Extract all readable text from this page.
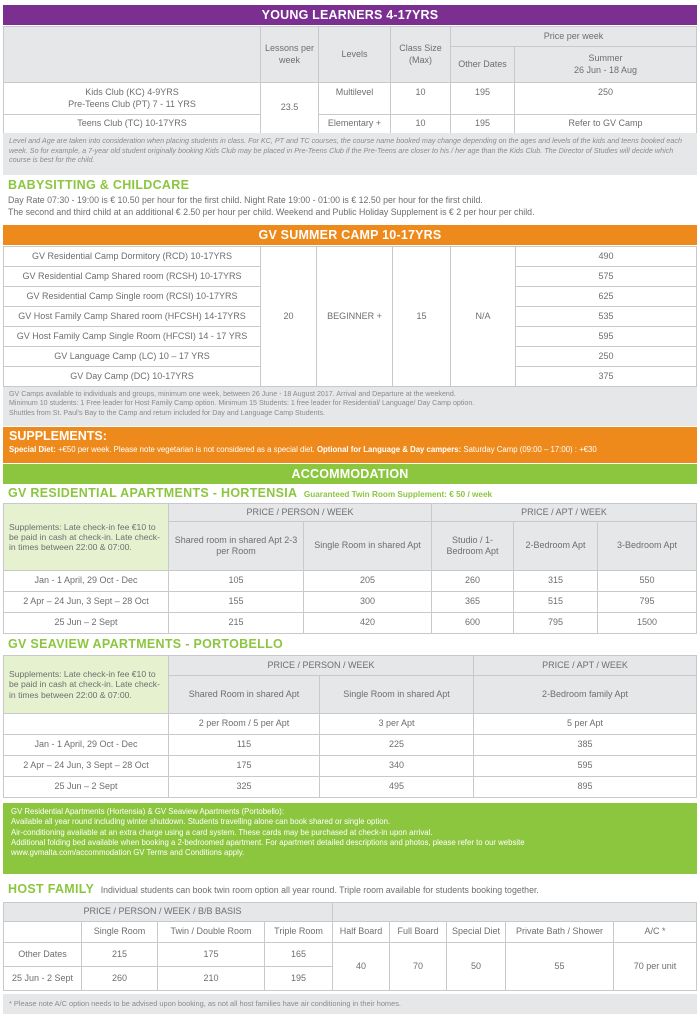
YOUNG LEARNERS 4-17YRS
	Lessons per week	Levels	Class Size (Max)	Price per week	
				Other Dates	Summer
26 Jun - 18 Aug

Kids Club (KC) 4-9YRS
Pre-Teens Club (PT) 7 - 11 YRS	23.5	Multilevel	10	195	250
Teens Club (TC) 10-17YRS		Elementary +	10	195	Refer to GV Camp
Level and Age are taken into consideration when placing students in class. For KC, PT and TC courses, the course name booked may change depending on the ages and levels of the kids and teens booked each week. So for example, a 7-year old student originally booking Kids Club may be placed in Pre-Teens Club if the Pre-Teens are closer to his / her age than the Kids Club. The Director of Studies will decide which course is best for the child.
BABYSITTING & CHILDCARE
Day Rate 07:30 - 19:00 is € 10.50 per hour for the first child. Night Rate 19:00 - 01:00 is € 12.50 per hour for the first child.
The second and third child at an additional € 2.50 per hour per child. Weekend and Public Holiday Supplement is € 2 per hour per child.
GV SUMMER CAMP 10-17YRS
GV Residential Camp Dormitory (RCD) 10-17YRS	20	BEGINNER +	15	N/A	490
GV Residential Camp Shared room (RCSH) 10-17YRS					575
GV Residential Camp Single room (RCSI) 10-17YRS					625
GV Host Family Camp Shared room (HFCSH) 14-17YRS					535
GV Host Family Camp Single Room (HFCSI) 14 - 17 YRS					595
GV Language Camp (LC) 10 – 17 YRS					250
GV Day Camp (DC) 10-17YRS					375
GV Camps available to individuals and groups, minimum one week, between 26 June - 18 August 2017. Arrival and Departure at the weekend.
Minimum 10 students: 1 Free leader for Host Family Camp option. Minimum 15 Students: 1 free leader for Residential/ Language/ Day Camp option.
Shuttles from St. Paul's Bay to the Camp and return included for Day and Language Camp Students.
SUPPLEMENTS:
Special Diet: +€50 per week. Please note vegetarian is not considered as a special diet. Optional for Language & Day campers: Saturday Camp (09:00 – 17:00) : +€30
ACCOMMODATION
GV RESIDENTIAL APARTMENTS - HORTENSIA Guaranteed Twin Room Supplement: € 50 / week
Supplements: Late check-in fee €10 to be paid in cash at check-in. Late check-in times between 22:00 & 07:00.	PRICE / PERSON / WEEK		PRICE / APT / WEEK		
	Shared room in shared Apt 2-3 per Room	Single Room in shared Apt	Studio / 1-Bedroom Apt	2-Bedroom Apt	3-Bedroom Apt
Jan - 1 April, 29 Oct - Dec	105	205	260	315	550
2 Apr – 24 Jun, 3 Sept – 28 Oct	155	300	365	515	795
25 Jun – 2 Sept	215	420	600	795	1500
GV SEAVIEW APARTMENTS - PORTOBELLO
Supplements: Late check-in fee €10 to be paid in cash at check-in. Late check-in times between 22:00 & 07:00.	PRICE / PERSON / WEEK		PRICE / APT / WEEK
	Shared Room in shared Apt	Single Room in shared Apt	2-Bedroom family Apt
	2 per Room / 5 per Apt	3 per Apt	5 per Apt
Jan - 1 April, 29 Oct - Dec	115	225	385
2 Apr – 24 Jun, 3 Sept – 28 Oct	175	340	595
25 Jun – 2 Sept	325	495	895
GV Residential Apartments (Hortensia) & GV Seaview Apartments (Portobello):
Available all year round including winter shutdown. Students travelling alone can book shared or single option.
Air-conditioning available at an extra charge using a card system. These cards may be purchased at check-in upon arrival.
Additional folding bed available when booking a 2-bedroomed apartment. For apartment detailed descriptions and photos, please refer to our website
www.gvmalta.com/accommodation GV Terms and Conditions apply.
HOST FAMILY Individual students can book twin room option all year round. Triple room available for students booking together.
	PRICE / PERSON / WEEK / B/B BASIS							
	Single Room	Twin / Double Room	Triple Room	Half Board	Full Board	Special Diet	Private Bath / Shower	A/C *
Other Dates	215	175	165	40	70	50	55	70 per unit
25 Jun - 2 Sept	260	210	195					
* Please note A/C option needs to be advised upon booking, as not all host families have air conditioning in their homes.
